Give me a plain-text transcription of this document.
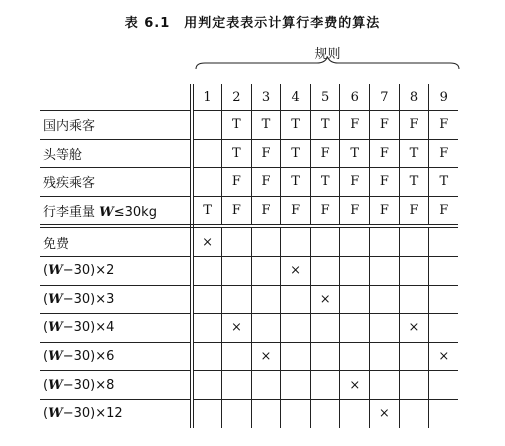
表 6.1 用判定表表示计算行李费的算法
规则
	1	2	3	4	5	6	7	8	9
国内乘客		T	T	T	T	F	F	F	F
头等舱		T	F	T	F	T	F	T	F
残疾乘客		F	F	T	T	F	F	T	T
行李重量 W≤30kg	T	F	F	F	F	F	F	F	F
免费	×								
(W−30)×2				×					
(W−30)×3					×				
(W−30)×4		×						×	
(W−30)×6			×						×
(W−30)×8						×			
(W−30)×12							×		
